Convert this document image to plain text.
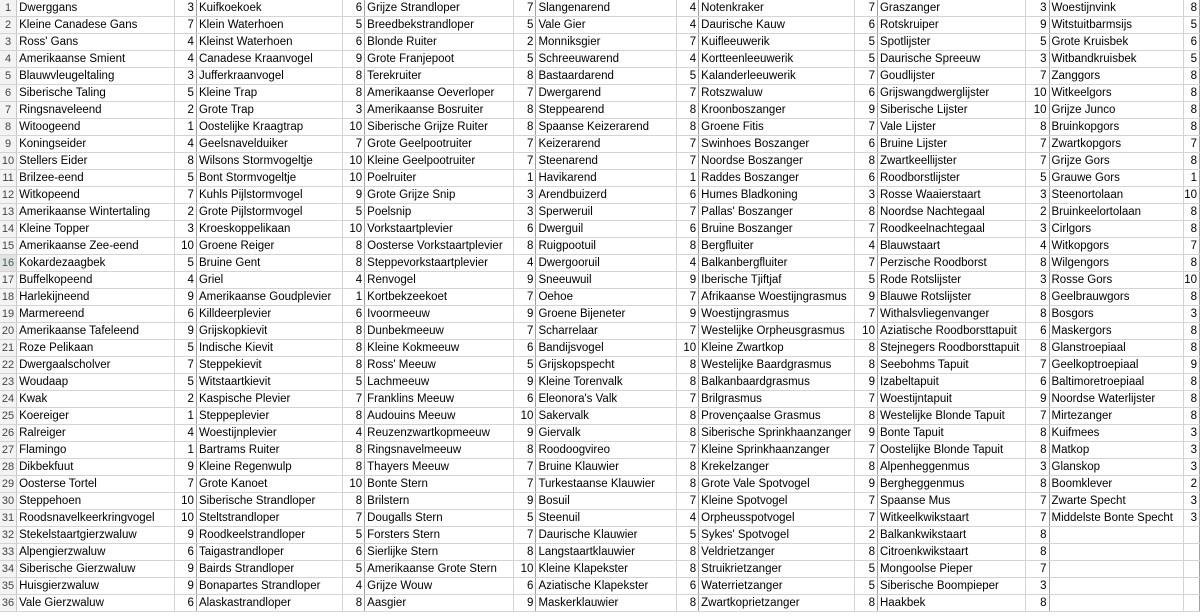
1	Dwerggans	3	Kuifkoekoek	6	Grijze Strandloper	7	Slangenarend	4	Notenkraker	7	Graszanger	3	Woestijnvink	8
2	Kleine Canadese Gans	7	Klein Waterhoen	5	Breedbekstrandloper	5	Vale Gier	4	Daurische Kauw	6	Rotskruiper	9	Witstuitbarmsijs	5
3	Ross' Gans	4	Kleinst Waterhoen	6	Blonde Ruiter	2	Monniksgier	7	Kuifleeuwerik	5	Spotlijster	5	Grote Kruisbek	6
4	Amerikaanse Smient	4	Canadese Kraanvogel	9	Grote Franjepoot	5	Schreeuwarend	4	Kortteenleeuwerik	5	Daurische Spreeuw	3	Witbandkruisbek	5
5	Blauwvleugeltaling	3	Jufferkraanvogel	8	Terekruiter	8	Bastaardarend	5	Kalanderleeuwerik	7	Goudlijster	7	Zanggors	8
6	Siberische Taling	5	Kleine Trap	8	Amerikaanse Oeverloper	7	Dwergarend	7	Rotszwaluw	6	Grijswangdwerglijster	10	Witkeelgors	8
7	Ringsnaveleend	2	Grote Trap	3	Amerikaanse Bosruiter	8	Steppearend	8	Kroonboszanger	9	Siberische Lijster	10	Grijze Junco	8
8	Witoogeend	1	Oostelijke Kraagtrap	10	Siberische Grijze Ruiter	8	Spaanse Keizerarend	8	Groene Fitis	7	Vale Lijster	8	Bruinkopgors	8
9	Koningseider	4	Geelsnavelduiker	7	Grote Geelpootruiter	7	Keizerarend	7	Swinhoes Boszanger	6	Bruine Lijster	7	Zwartkopgors	7
10	Stellers Eider	8	Wilsons Stormvogeltje	10	Kleine Geelpootruiter	7	Steenarend	7	Noordse Boszanger	8	Zwartkeellijster	7	Grijze Gors	8
11	Brilzee-eend	5	Bont Stormvogeltje	10	Poelruiter	1	Havikarend	1	Raddes Boszanger	6	Roodborstlijster	5	Grauwe Gors	1
12	Witkopeend	7	Kuhls Pijlstormvogel	9	Grote Grijze Snip	3	Arendbuizerd	6	Humes Bladkoning	3	Rosse Waaierstaart	3	Steenortolaan	10
13	Amerikaanse Wintertaling	2	Grote Pijlstormvogel	5	Poelsnip	3	Sperweruil	7	Pallas' Boszanger	8	Noordse Nachtegaal	2	Bruinkeelortolaan	8
14	Kleine Topper	3	Kroeskoppelikaan	10	Vorkstaartplevier	6	Dwerguil	6	Bruine Boszanger	7	Roodkeelnachtegaal	3	Cirlgors	8
15	Amerikaanse Zee-eend	10	Groene Reiger	8	Oosterse Vorkstaartplevier	8	Ruigpootuil	8	Bergfluiter	4	Blauwstaart	4	Witkopgors	7
16	Kokardezaagbek	5	Bruine Gent	8	Steppevorkstaartplevier	4	Dwergooruil	4	Balkanbergfluiter	7	Perzische Roodborst	8	Wilgengors	8
17	Buffelkopeend	4	Griel	4	Renvogel	9	Sneeuwuil	9	Iberische Tjiftjaf	5	Rode Rotslijster	3	Rosse Gors	10
18	Harlekijneend	9	Amerikaanse Goudplevier	1	Kortbekzeekoet	7	Oehoe	7	Afrikaanse Woestijngrasmus	9	Blauwe Rotslijster	8	Geelbrauwgors	8
19	Marmereend	6	Killdeerplevier	6	Ivoormeeuw	9	Groene Bijeneter	9	Woestijngrasmus	7	Withalsvliegenvanger	8	Bosgors	3
20	Amerikaanse Tafeleend	9	Grijskopkievit	8	Dunbekmeeuw	7	Scharrelaar	7	Westelijke Orpheusgrasmus	10	Aziatische Roodborsttapuit	6	Maskergors	8
21	Roze Pelikaan	5	Indische Kievit	8	Kleine Kokmeeuw	6	Bandijsvogel	10	Kleine Zwartkop	8	Stejnegers Roodborsttapuit	8	Glanstroepiaal	8
22	Dwergaalscholver	7	Steppekievit	8	Ross' Meeuw	5	Grijskopspecht	8	Westelijke Baardgrasmus	8	Seebohms Tapuit	7	Geelkoptroepiaal	9
23	Woudaap	5	Witstaartkievit	5	Lachmeeuw	9	Kleine Torenvalk	8	Balkanbaardgrasmus	9	Izabeltapuit	6	Baltimoretroepiaal	8
24	Kwak	2	Kaspische Plevier	7	Franklins Meeuw	6	Eleonora's Valk	7	Brilgrasmus	7	Woestijntapuit	9	Noordse Waterlijster	8
25	Koereiger	1	Steppeplevier	8	Audouins Meeuw	10	Sakervalk	8	Provençaalse Grasmus	8	Westelijke Blonde Tapuit	7	Mirtezanger	8
26	Ralreiger	4	Woestijnplevier	4	Reuzenzwartkopmeeuw	9	Giervalk	8	Siberische Sprinkhaanzanger	9	Bonte Tapuit	8	Kuifmees	3
27	Flamingo	1	Bartrams Ruiter	8	Ringsnavelmeeuw	8	Roodoogvireo	7	Kleine Sprinkhaanzanger	7	Oostelijke Blonde Tapuit	8	Matkop	3
28	Dikbekfuut	9	Kleine Regenwulp	8	Thayers Meeuw	7	Bruine Klauwier	8	Krekelzanger	8	Alpenheggenmus	3	Glanskop	3
29	Oosterse Tortel	7	Grote Kanoet	10	Bonte Stern	7	Turkestaanse Klauwier	8	Grote Vale Spotvogel	9	Bergheggenmus	8	Boomklever	2
30	Steppehoen	10	Siberische Strandloper	8	Brilstern	9	Bosuil	7	Kleine Spotvogel	7	Spaanse Mus	7	Zwarte Specht	3
31	Roodsnavelkeerkringvogel	10	Steltstrandloper	7	Dougalls Stern	5	Steenuil	4	Orpheusspotvogel	7	Witkeelkwikstaart	7	Middelste Bonte Specht	3
32	Stekelstaartgierzwaluw	9	Roodkeelstrandloper	5	Forsters Stern	7	Daurische Klauwier	5	Sykes' Spotvogel	2	Balkankwikstaart	8		
33	Alpengierzwaluw	6	Taigastrandloper	6	Sierlijke Stern	8	Langstaartklauwier	8	Veldrietzanger	8	Citroenkwikstaart	8		
34	Siberische Gierzwaluw	9	Bairds Strandloper	5	Amerikaanse Grote Stern	10	Kleine Klapekster	8	Struikrietzanger	5	Mongoolse Pieper	7		
35	Huisgierzwaluw	9	Bonapartes Strandloper	4	Grijze Wouw	6	Aziatische Klapekster	6	Waterrietzanger	5	Siberische Boompieper	3		
36	Vale Gierzwaluw	6	Alaskastrandloper	8	Aasgier	9	Maskerklauwier	8	Zwartkoprietzanger	8	Haakbek	8		
